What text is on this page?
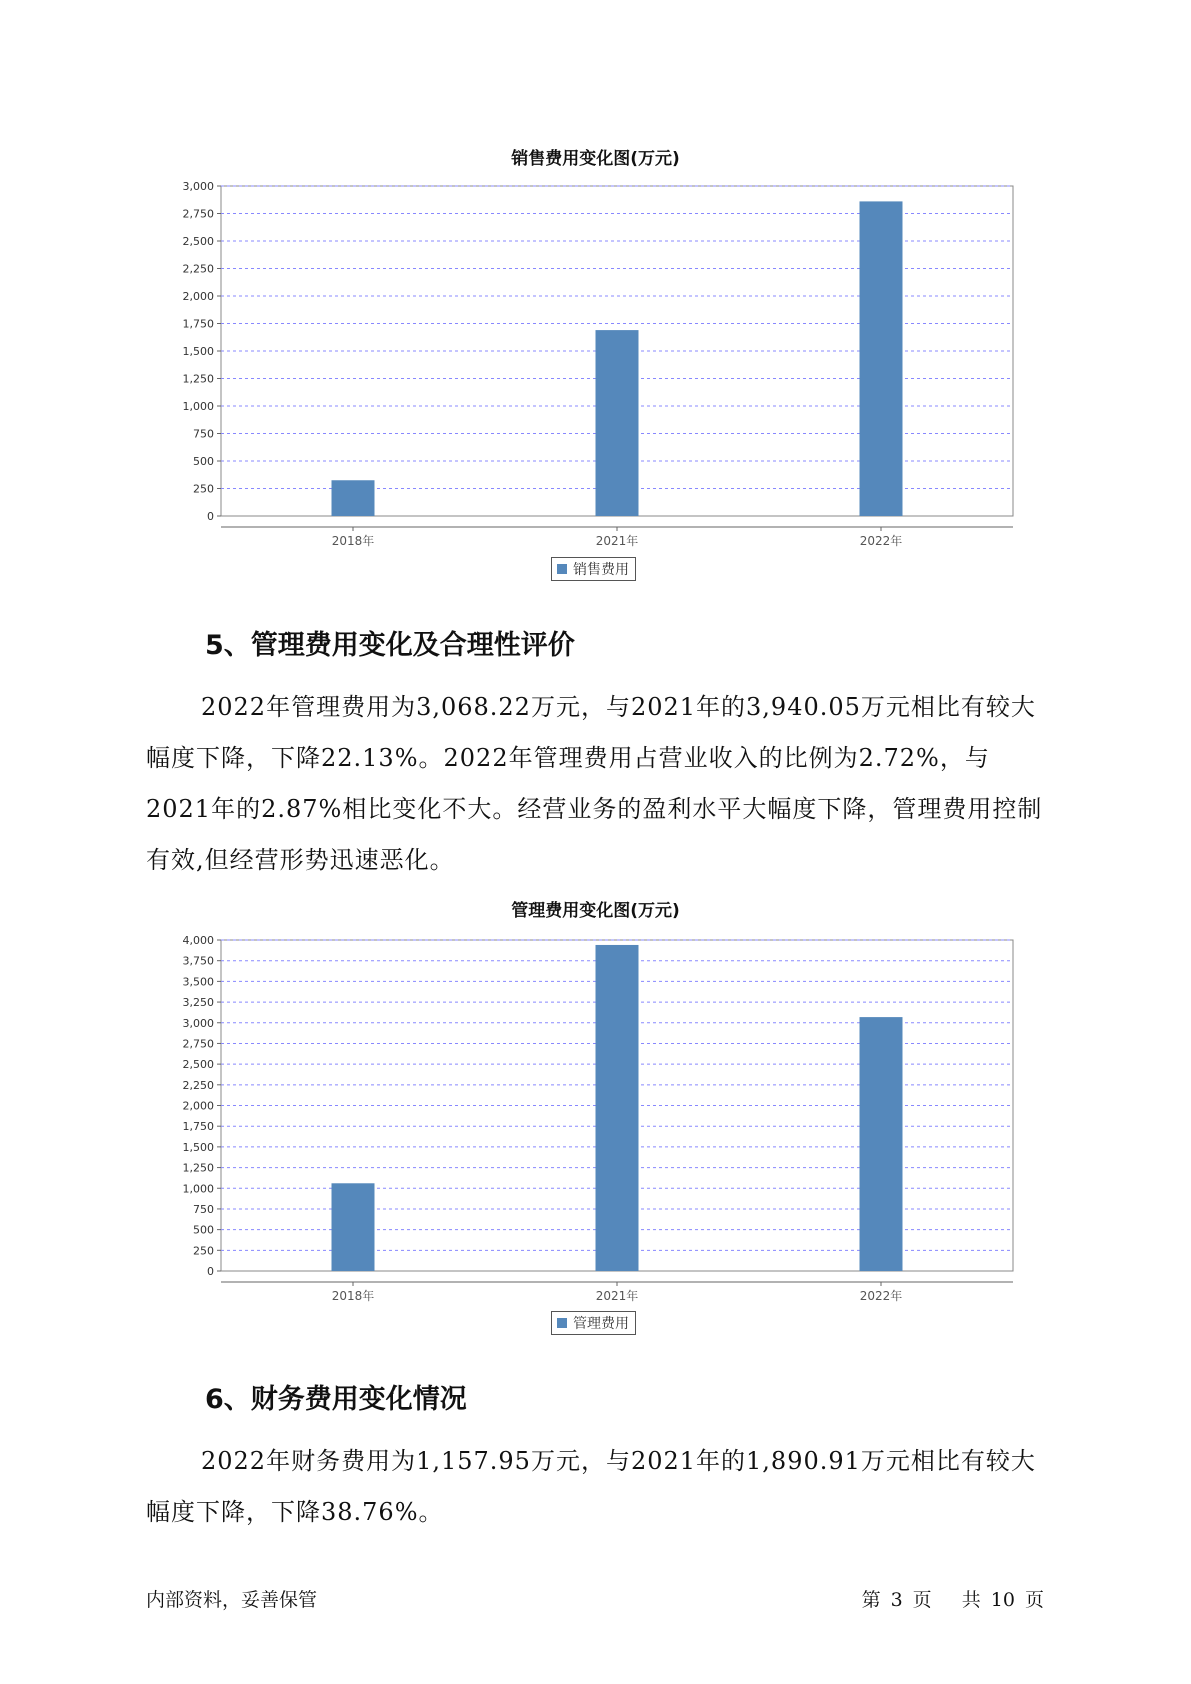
销售费用变化图(万元)
0
250
500
750
1,000
1,250
1,500
1,750
2,000
2,250
2,500
2,750
3,000
2018年	2021年	2022年
销售费用
5、管理费用变化及合理性评价

2022年管理费用为3,068.22万元，与2021年的3,940.05万元相比有较大幅度下降，下降22.13%。2022年管理费用占营业收入的比例为2.72%，与2021年的2.87%相比变化不大。经营业务的盈利水平大幅度下降，管理费用控制有效,但经营形势迅速恶化。

管理费用变化图(万元)
0
250
500
750
1,000
1,250
1,500
1,750
2,000
2,250
2,500
2,750
3,000
3,250
3,500
3,750
4,000
2018年	2021年	2022年
管理费用
6、财务费用变化情况

2022年财务费用为1,157.95万元，与2021年的1,890.91万元相比有较大幅度下降，下降38.76%。

内部资料，妥善保管	第 3 页 共 10 页
